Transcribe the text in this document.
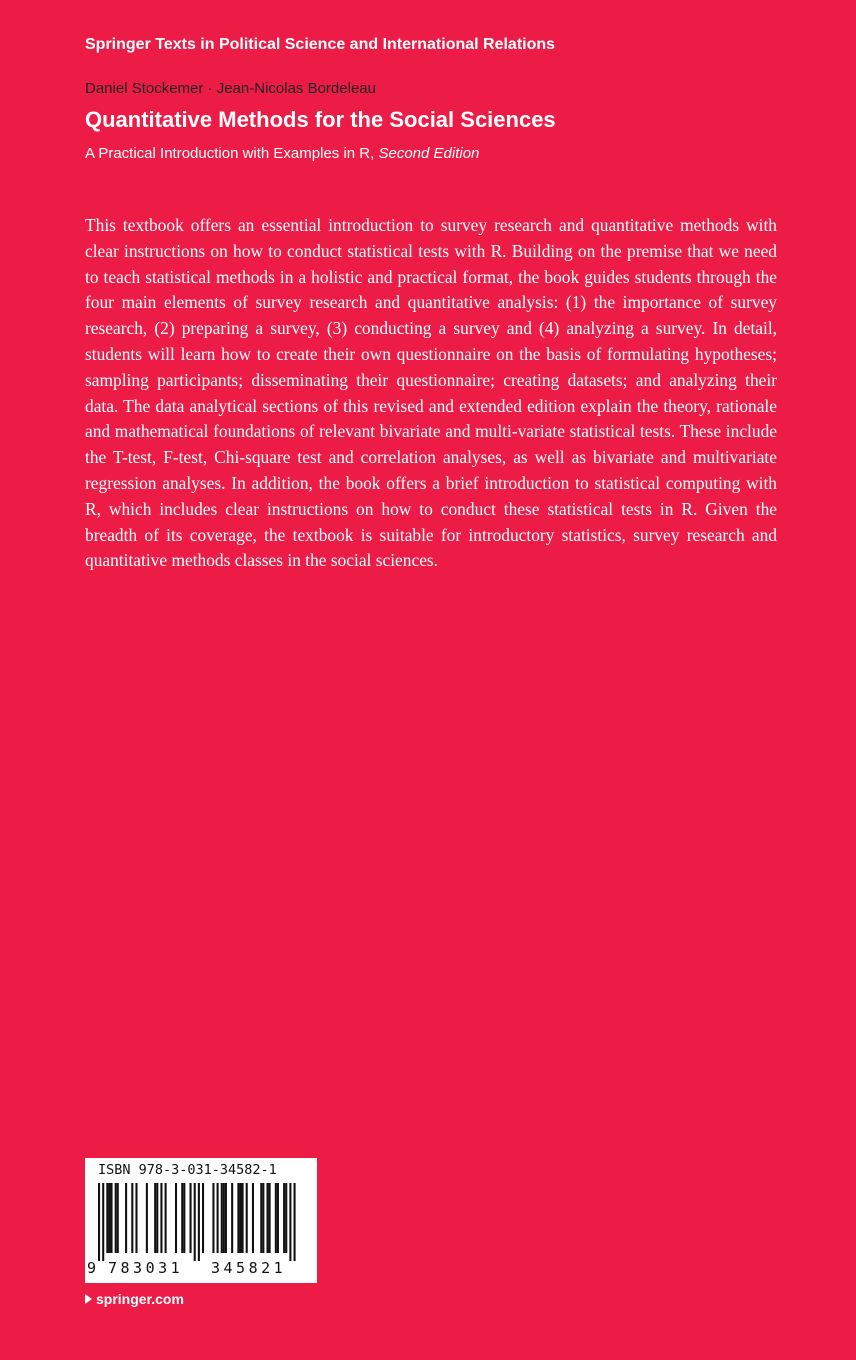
Springer Texts in Political Science and International Relations
Daniel Stockemer · Jean-Nicolas Bordeleau
Quantitative Methods for the Social Sciences
A Practical Introduction with Examples in R, Second Edition

This textbook offers an essential introduction to survey research and quantitative methods with clear instructions on how to conduct statistical tests with R. Building on the premise that we need to teach statistical methods in a holistic and practical format, the book guides students through the four main elements of survey research and quantitative analysis: (1) the importance of survey research, (2) preparing a survey, (3) conducting a survey and (4) analyzing a survey. In detail, students will learn how to create their own questionnaire on the basis of formulating hypotheses; sampling participants; disseminating their questionnaire; creating datasets; and analyzing their data. The data analytical sections of this revised and extended edition explain the theory, rationale and mathematical foundations of relevant bivariate and multi-variate statistical tests. These include the T-test, F-test, Chi-square test and correlation analyses, as well as bivariate and multivariate regression analyses. In addition, the book offers a brief introduction to statistical computing with R, which includes clear instructions on how to conduct these statistical tests in R. Given the breadth of its coverage, the textbook is suitable for introductory statistics, survey research and quantitative methods classes in the social sciences.

ISBN 978-3-031-34582-1
9 783031 345821
springer.com
